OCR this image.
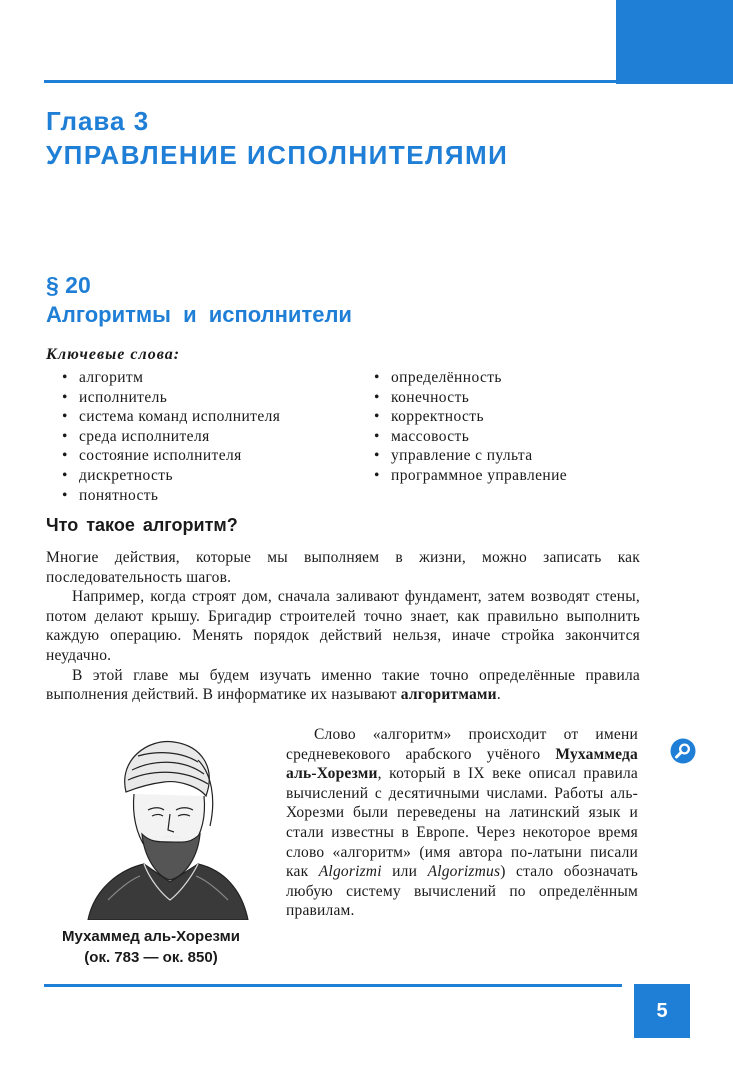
Глава 3
УПРАВЛЕНИЕ ИСПОЛНИТЕЛЯМИ
§ 20
Алгоритмы и исполнители
Ключевые слова:
• алгоритм
• исполнитель
• система команд исполнителя
• среда исполнителя
• состояние исполнителя
• дискретность
• понятность
• определённость
• конечность
• корректность
• массовость
• управление с пульта
• программное управление
Что такое алгоритм?

Многие действия, которые мы выполняем в жизни, можно записать как последовательность шагов.

Например, когда строят дом, сначала заливают фундамент, затем возводят стены, потом делают крышу. Бригадир строителей точно знает, как правильно выполнить каждую операцию. Менять порядок действий нельзя, иначе стройка закончится неудачно.

В этой главе мы будем изучать именно такие точно определённые правила выполнения действий. В информатике их называют алгоритмами.

Мухаммед аль-Хорезми
(ок. 783 — ок. 850)

Слово «алгоритм» происходит от имени средневекового арабского учёного Мухаммеда аль-Хорезми, который в IX веке описал правила вычислений с десятичными числами. Работы аль-Хорезми были переведены на латинский язык и стали известны в Европе. Через некоторое время слово «алгоритм» (имя автора по-латыни писали как Algorizmi или Algorizmus) стало обозначать любую систему вычислений по определённым правилам.

5
